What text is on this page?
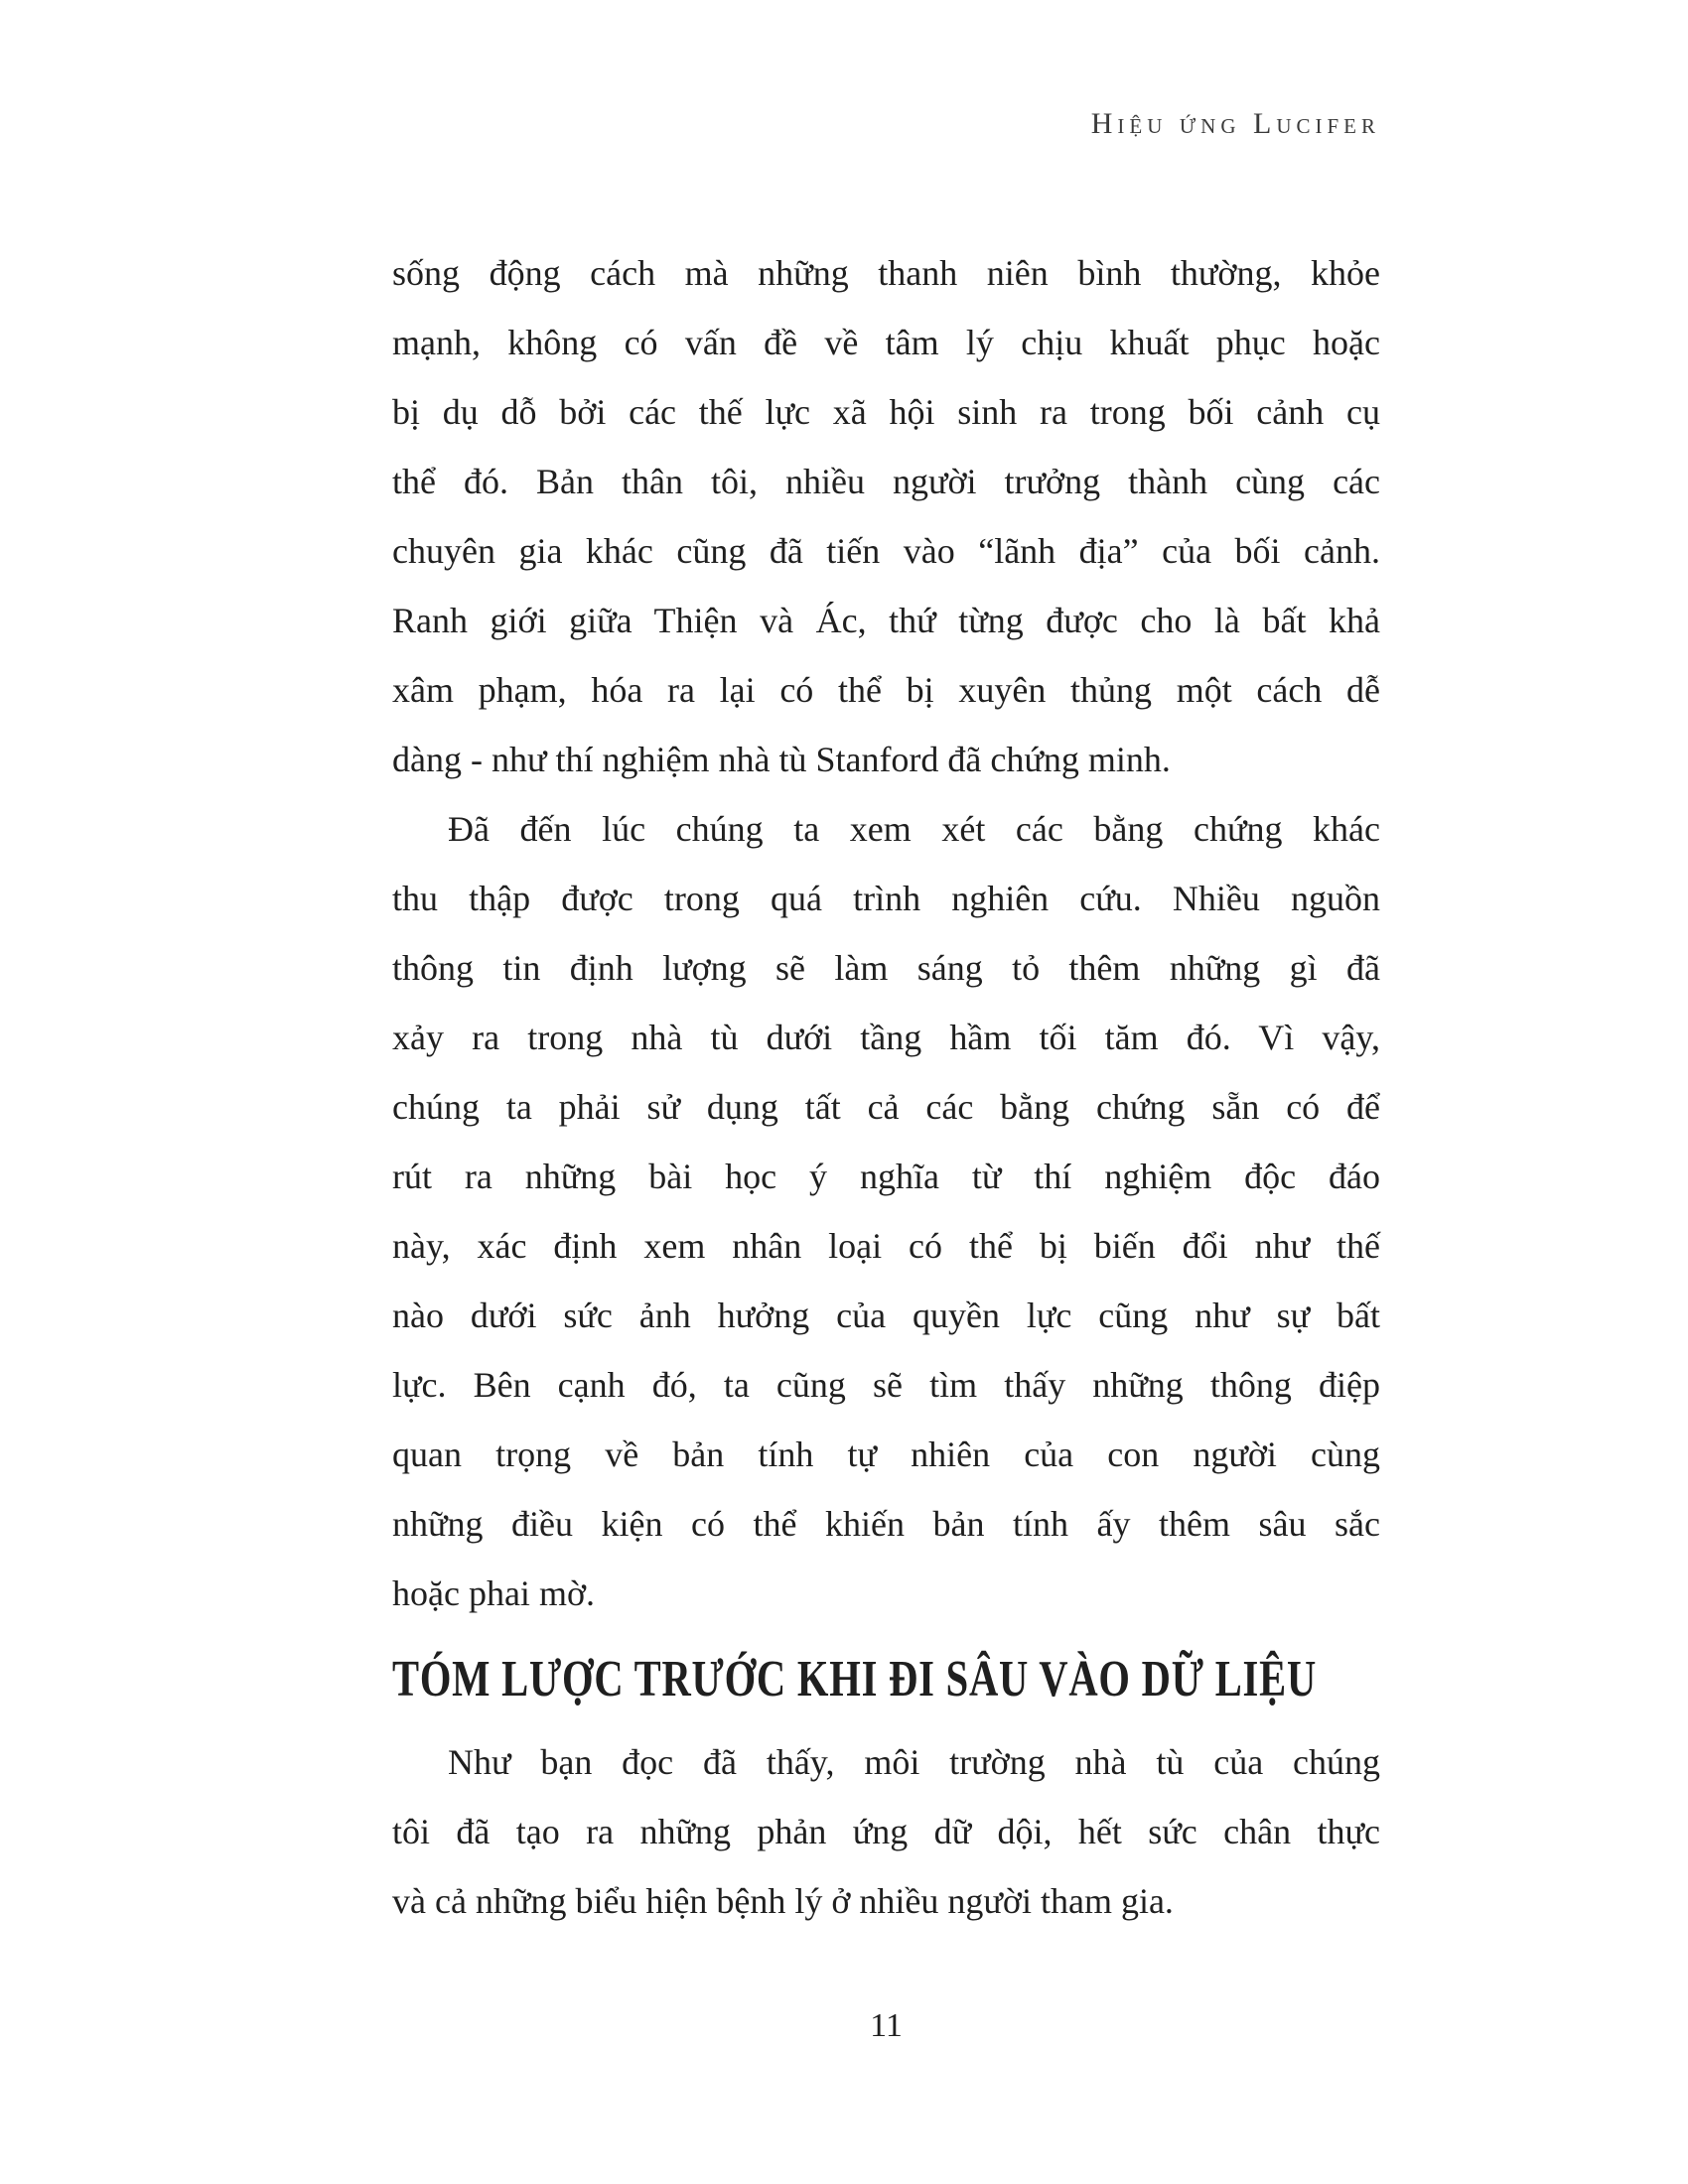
Hiệu ứng Lucifer
sống động cách mà những thanh niên bình thường, khỏe
mạnh, không có vấn đề về tâm lý chịu khuất phục hoặc
bị dụ dỗ bởi các thế lực xã hội sinh ra trong bối cảnh cụ
thể đó. Bản thân tôi, nhiều người trưởng thành cùng các
chuyên gia khác cũng đã tiến vào “lãnh địa” của bối cảnh.
Ranh giới giữa Thiện và Ác, thứ từng được cho là bất khả
xâm phạm, hóa ra lại có thể bị xuyên thủng một cách dễ
dàng - như thí nghiệm nhà tù Stanford đã chứng minh.
Đã đến lúc chúng ta xem xét các bằng chứng khác
thu thập được trong quá trình nghiên cứu. Nhiều nguồn
thông tin định lượng sẽ làm sáng tỏ thêm những gì đã
xảy ra trong nhà tù dưới tầng hầm tối tăm đó. Vì vậy,
chúng ta phải sử dụng tất cả các bằng chứng sẵn có để
rút ra những bài học ý nghĩa từ thí nghiệm độc đáo
này, xác định xem nhân loại có thể bị biến đổi như thế
nào dưới sức ảnh hưởng của quyền lực cũng như sự bất
lực. Bên cạnh đó, ta cũng sẽ tìm thấy những thông điệp
quan trọng về bản tính tự nhiên của con người cùng
những điều kiện có thể khiến bản tính ấy thêm sâu sắc
hoặc phai mờ.
TÓM LƯỢC TRƯỚC KHI ĐI SÂU VÀO DỮ LIỆU
Như bạn đọc đã thấy, môi trường nhà tù của chúng
tôi đã tạo ra những phản ứng dữ dội, hết sức chân thực
và cả những biểu hiện bệnh lý ở nhiều người tham gia.
11
